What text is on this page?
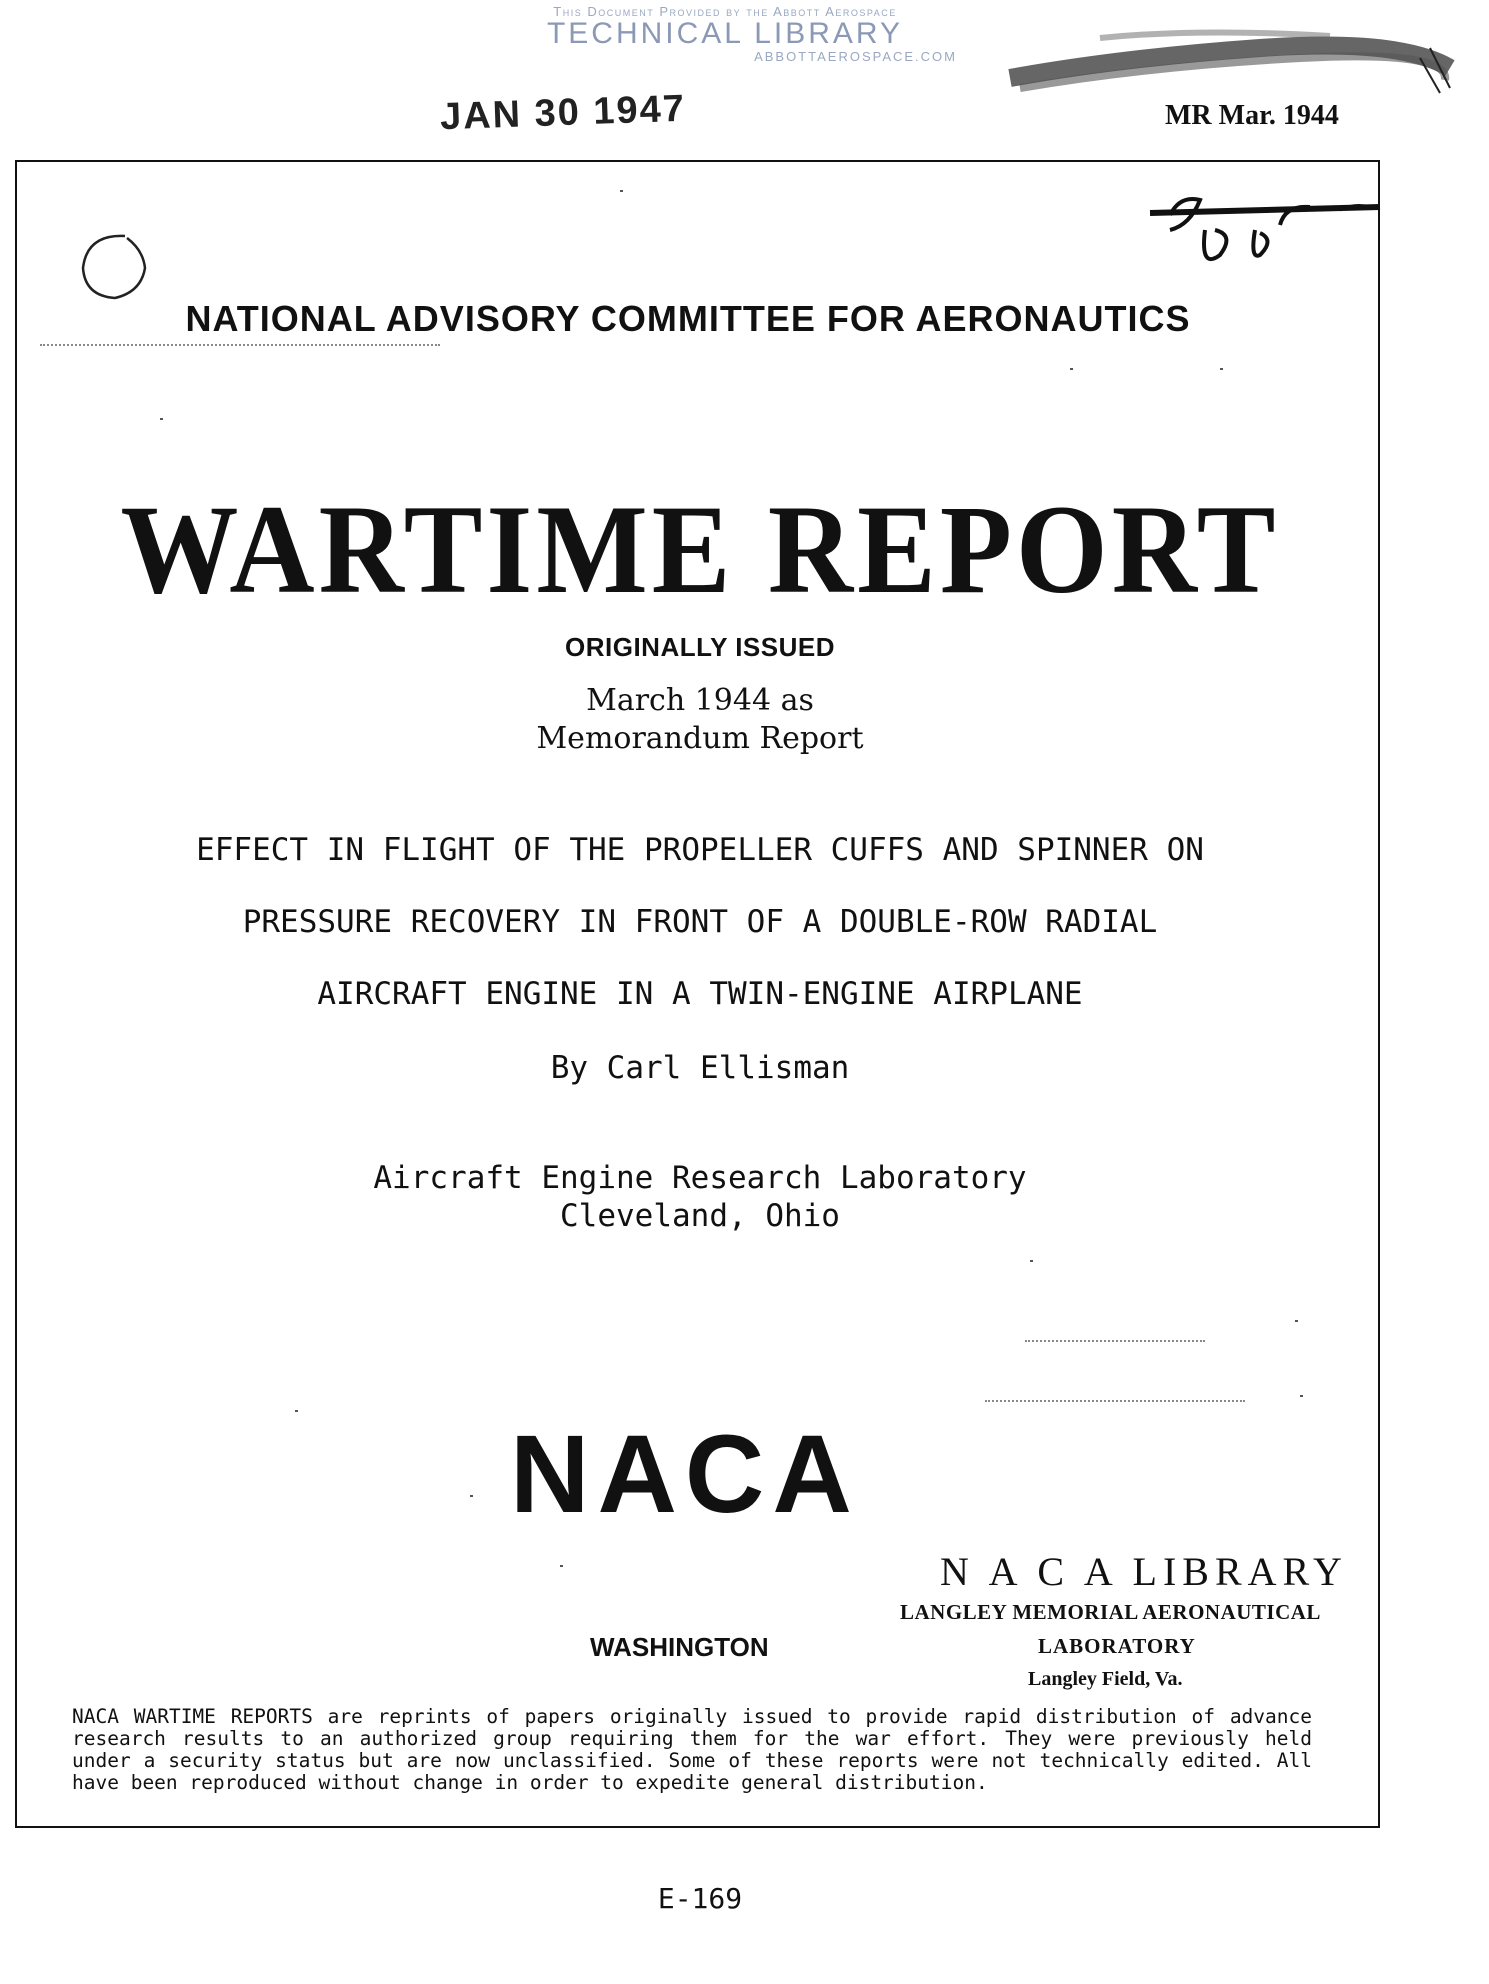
This Document Provided by the Abbott Aerospace
TECHNICAL LIBRARY
ABBOTTAEROSPACE.COM
JAN 30 1947	MR Mar. 1944
NATIONAL ADVISORY COMMITTEE FOR AERONAUTICS
WARTIME REPORT
ORIGINALLY ISSUED
March 1944 as
Memorandum Report
EFFECT IN FLIGHT OF THE PROPELLER CUFFS AND SPINNER ON
PRESSURE RECOVERY IN FRONT OF A DOUBLE-ROW RADIAL
AIRCRAFT ENGINE IN A TWIN-ENGINE AIRPLANE
By Carl Ellisman
Aircraft Engine Research Laboratory
Cleveland, Ohio
NACA
WASHINGTON
N A C A LIBRARY
LANGLEY MEMORIAL AERONAUTICAL
LABORATORY
Langley Field, Va.
NACA WARTIME REPORTS are reprints of papers originally issued to provide rapid distribution of advance research results to an authorized group requiring them for the war effort. They were previously held under a security status but are now unclassified. Some of these reports were not technically edited. All have been reproduced without change in order to expedite general distribution.
E-169
